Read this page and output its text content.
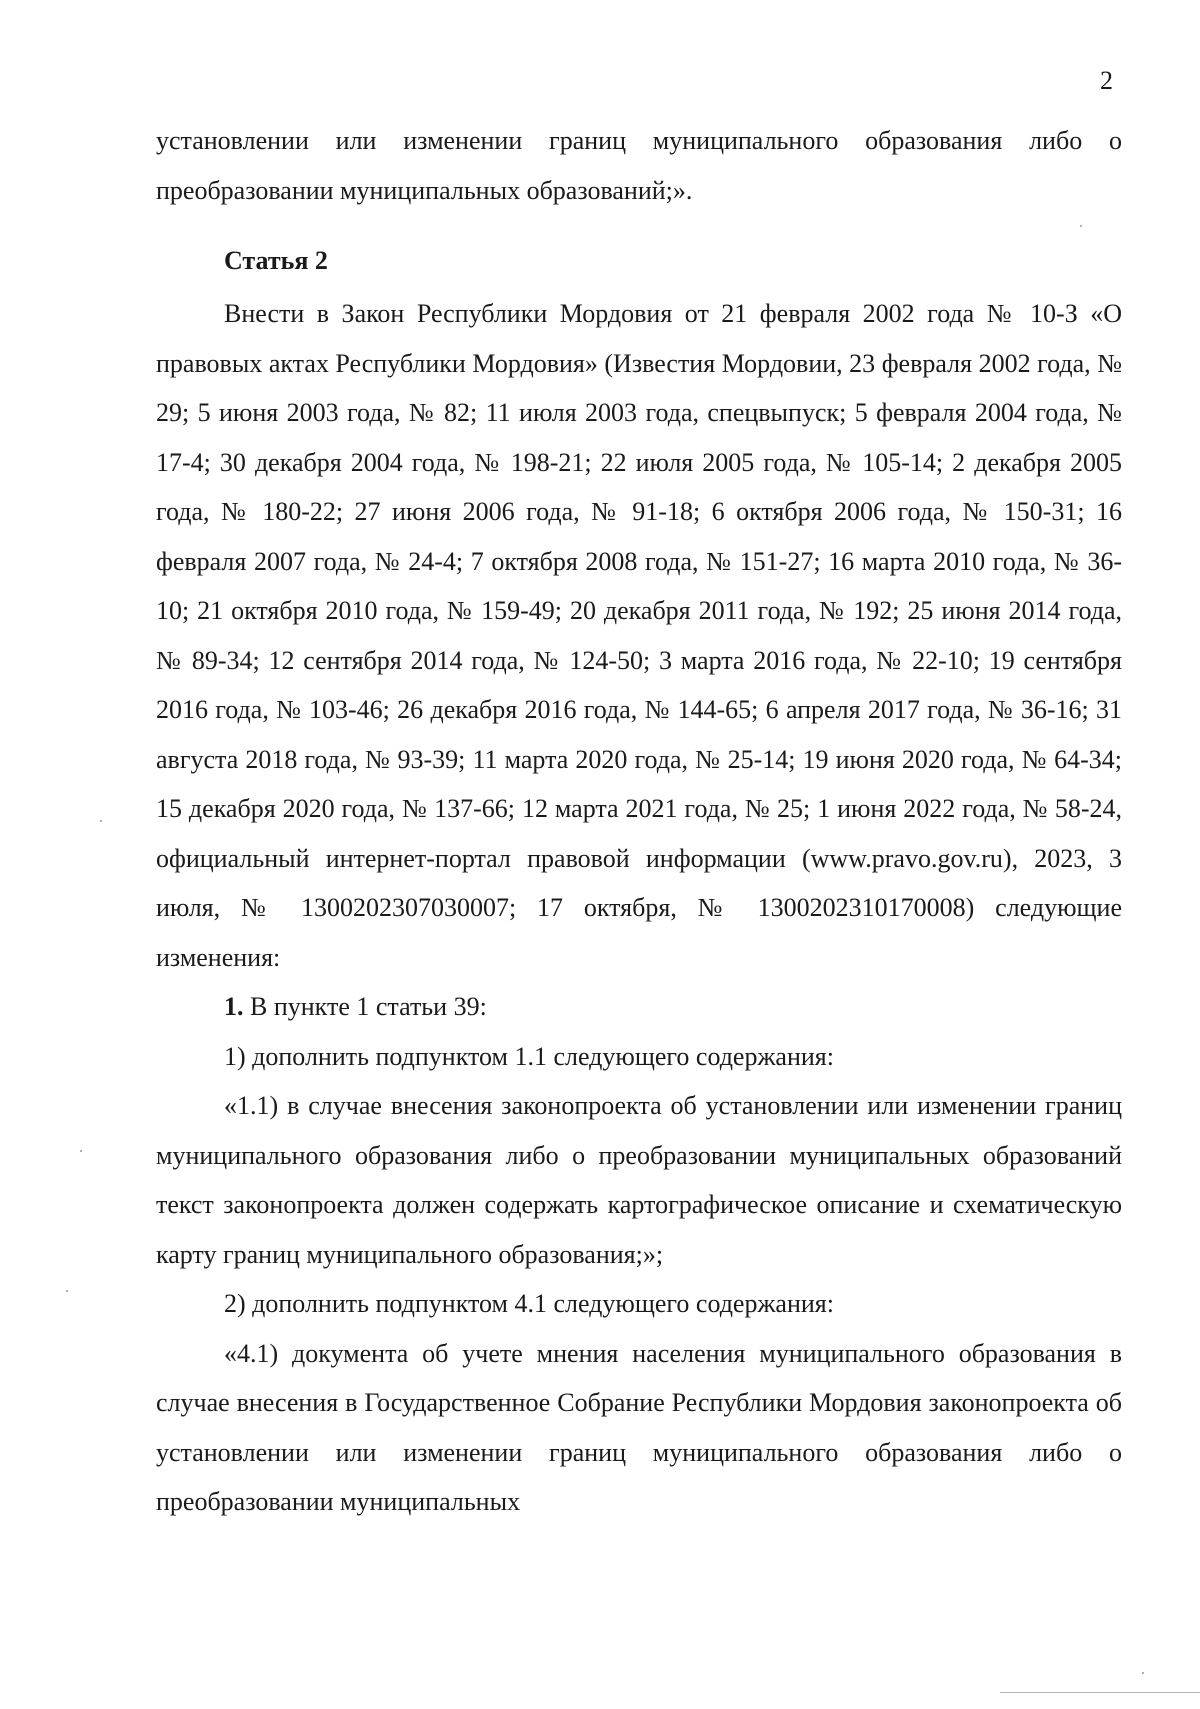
2

установлении или изменении границ муниципального образования либо о преобразовании муниципальных образований;».

Статья 2

Внести в Закон Республики Мордовия от 21 февраля 2002 года № 10-З «О правовых актах Республики Мордовия» (Известия Мордовии, 23 февраля 2002 года, № 29; 5 июня 2003 года, № 82; 11 июля 2003 года, спецвыпуск; 5 февраля 2004 года, № 17-4; 30 декабря 2004 года, № 198-21; 22 июля 2005 года, № 105-14; 2 декабря 2005 года, № 180-22; 27 июня 2006 года, № 91-18; 6 октября 2006 года, № 150-31; 16 февраля 2007 года, № 24-4; 7 октября 2008 года, № 151-27; 16 марта 2010 года, № 36-10; 21 октября 2010 года, № 159-49; 20 декабря 2011 года, № 192; 25 июня 2014 года, № 89-34; 12 сентября 2014 года, № 124-50; 3 марта 2016 года, № 22-10; 19 сентября 2016 года, № 103-46; 26 декабря 2016 года, № 144-65; 6 апреля 2017 года, № 36-16; 31 августа 2018 года, № 93-39; 11 марта 2020 года, № 25-14; 19 июня 2020 года, № 64-34; 15 декабря 2020 года, № 137-66; 12 марта 2021 года, № 25; 1 июня 2022 года, № 58-24, официальный интернет-портал правовой информации (www.pravo.gov.ru), 2023, 3 июля, № 1300202307030007; 17 октября, № 1300202310170008) следующие изменения:

1. В пункте 1 статьи 39:

1) дополнить подпунктом 1.1 следующего содержания:

«1.1) в случае внесения законопроекта об установлении или изменении границ муниципального образования либо о преобразовании муниципальных образований текст законопроекта должен содержать картографическое описание и схематическую карту границ муниципального образования;»;

2) дополнить подпунктом 4.1 следующего содержания:

«4.1) документа об учете мнения населения муниципального образования в случае внесения в Государственное Собрание Республики Мордовия законопроекта об установлении или изменении границ муниципального образования либо о преобразовании муниципальных
